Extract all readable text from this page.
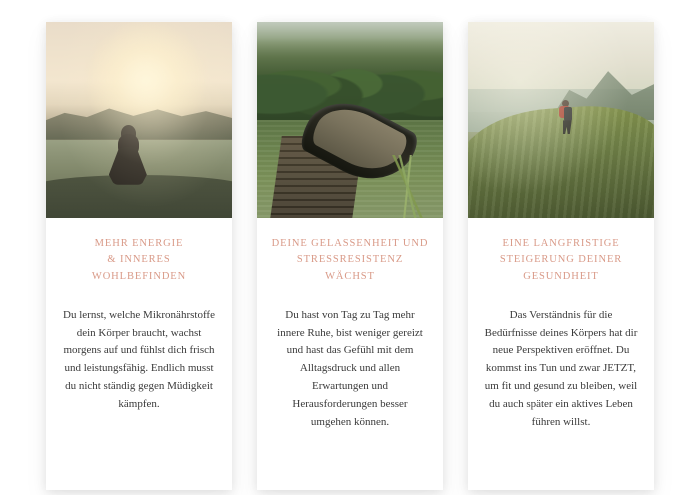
MEHR ENERGIE
& INNERES
WOHLBEFINDEN

Du lernst, welche Mikronährstoffe dein Körper braucht, wachst morgens auf und fühlst dich frisch und leistungsfähig. Endlich musst du nicht ständig gegen Müdigkeit kämpfen.

DEINE GELASSENHEIT UND
STRESSRESISTENZ
WÄCHST

Du hast von Tag zu Tag mehr innere Ruhe, bist weniger gereizt und hast das Gefühl mit dem Alltagsdruck und allen Erwartungen und Herausforderungen besser umgehen können.

EINE LANGFRISTIGE
STEIGERUNG DEINER
GESUNDHEIT

Das Verständnis für die Bedürfnisse deines Körpers hat dir neue Perspektiven eröffnet. Du kommst ins Tun und zwar JETZT, um fit und gesund zu bleiben, weil du auch später ein aktives Leben führen willst.
